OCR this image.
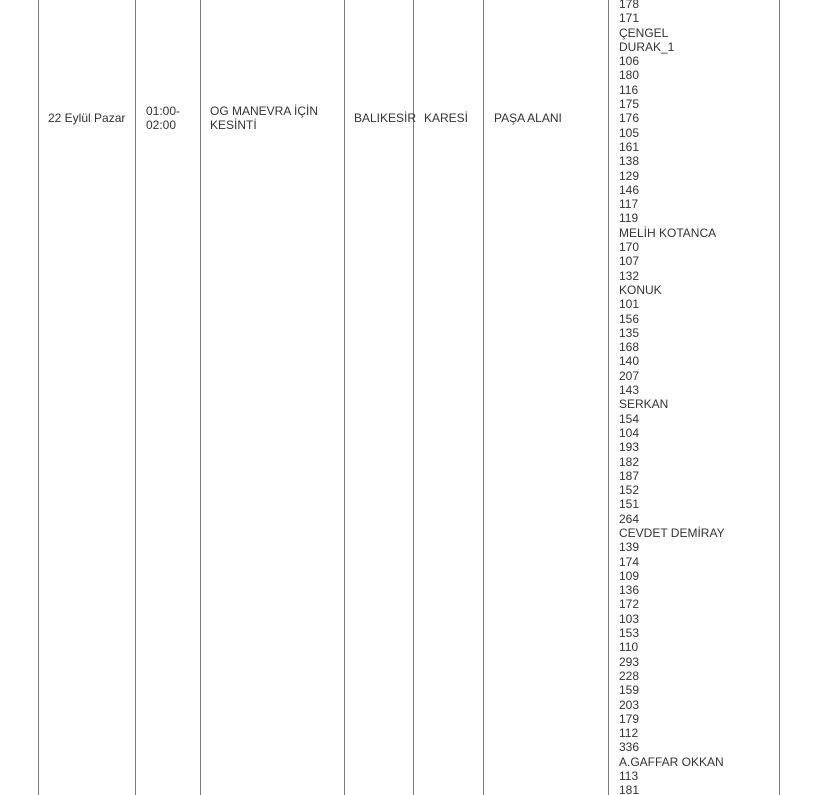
22 Eylül Pazar 01:00-
02:00
OG MANEVRA İÇİN
KESİNTİ
BALIKESİR KARESİ PAŞA ALANI
178
171
ÇENGEL
DURAK_1
106
180
116
175
176
105
161
138
129
146
117
119
MELİH KOTANCA
170
107
132
KONUK
101
156
135
168
140
207
143
SERKAN
154
104
193
182
187
152
151
264
CEVDET DEMİRAY
139
174
109
136
172
103
153
110
293
228
159
203
179
112
336
A.GAFFAR OKKAN
113
181
